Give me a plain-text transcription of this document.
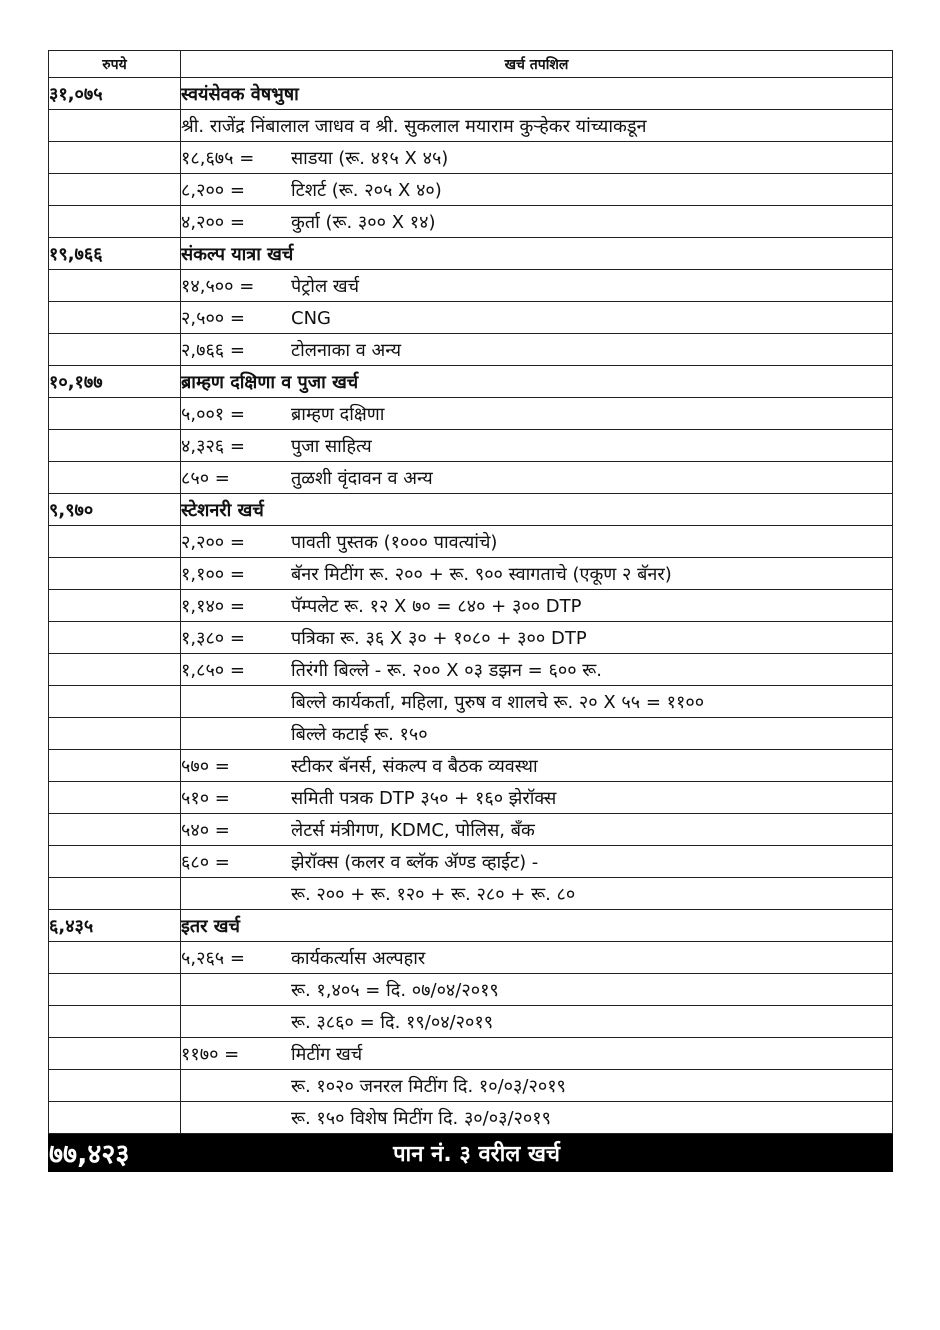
रुपये	खर्च तपशिल
३१,०७५	स्वयंसेवक वेषभुषा
	श्री. राजेंद्र निंबालाल जाधव व श्री. सुकलाल मयाराम कुऱ्हेकर यांच्याकडून
	१८,६७५ = साडया (रू. ४१५ X ४५)
	८,२०० = टिशर्ट (रू. २०५ X ४०)
	४,२०० = कुर्ता (रू. ३०० X १४)
१९,७६६	संकल्प यात्रा खर्च
	१४,५०० = पेट्रोल खर्च
	२,५०० = CNG
	२,७६६ = टोलनाका व अन्य
१०,१७७	ब्राम्हण दक्षिणा व पुजा खर्च
	५,००१ = ब्राम्हण दक्षिणा
	४,३२६ = पुजा साहित्य
	८५० = तुळशी वृंदावन व अन्य
९,९७०	स्टेशनरी खर्च
	२,२०० = पावती पुस्तक (१००० पावत्यांचे)
	१,१०० = बॅनर मिटींग रू. २०० + रू. ९०० स्वागताचे (एकूण २ बॅनर)
	१,१४० = पॅम्पलेट रू. १२ X ७० = ८४० + ३०० DTP
	१,३८० = पत्रिका रू. ३६ X ३० + १०८० + ३०० DTP
	१,८५० = तिरंगी बिल्ले - रू. २०० X ०३ डझन = ६०० रू.
	बिल्ले कार्यकर्ता, महिला, पुरुष व शालचे रू. २० X ५५ = ११००
	बिल्ले कटाई रू. १५०
	५७० = स्टीकर बॅनर्स, संकल्प व बैठक व्यवस्था
	५१० = समिती पत्रक DTP ३५० + १६० झेरॉक्स
	५४० = लेटर्स मंत्रीगण, KDMC, पोलिस, बँक
	६८० = झेरॉक्स (कलर व ब्लॅक ॲण्ड व्हाईट) -
	रू. २०० + रू. १२० + रू. २८० + रू. ८०
६,४३५	इतर खर्च
	५,२६५ = कार्यकर्त्यास अल्पहार
	रू. १,४०५ = दि. ०७/०४/२०१९
	रू. ३८६० = दि. १९/०४/२०१९
	११७० = मिटींग खर्च
	रू. १०२० जनरल मिटींग दि. १०/०३/२०१९
	रू. १५० विशेष मिटींग दि. ३०/०३/२०१९
७७,४२३	पान नं. ३ वरील खर्च
